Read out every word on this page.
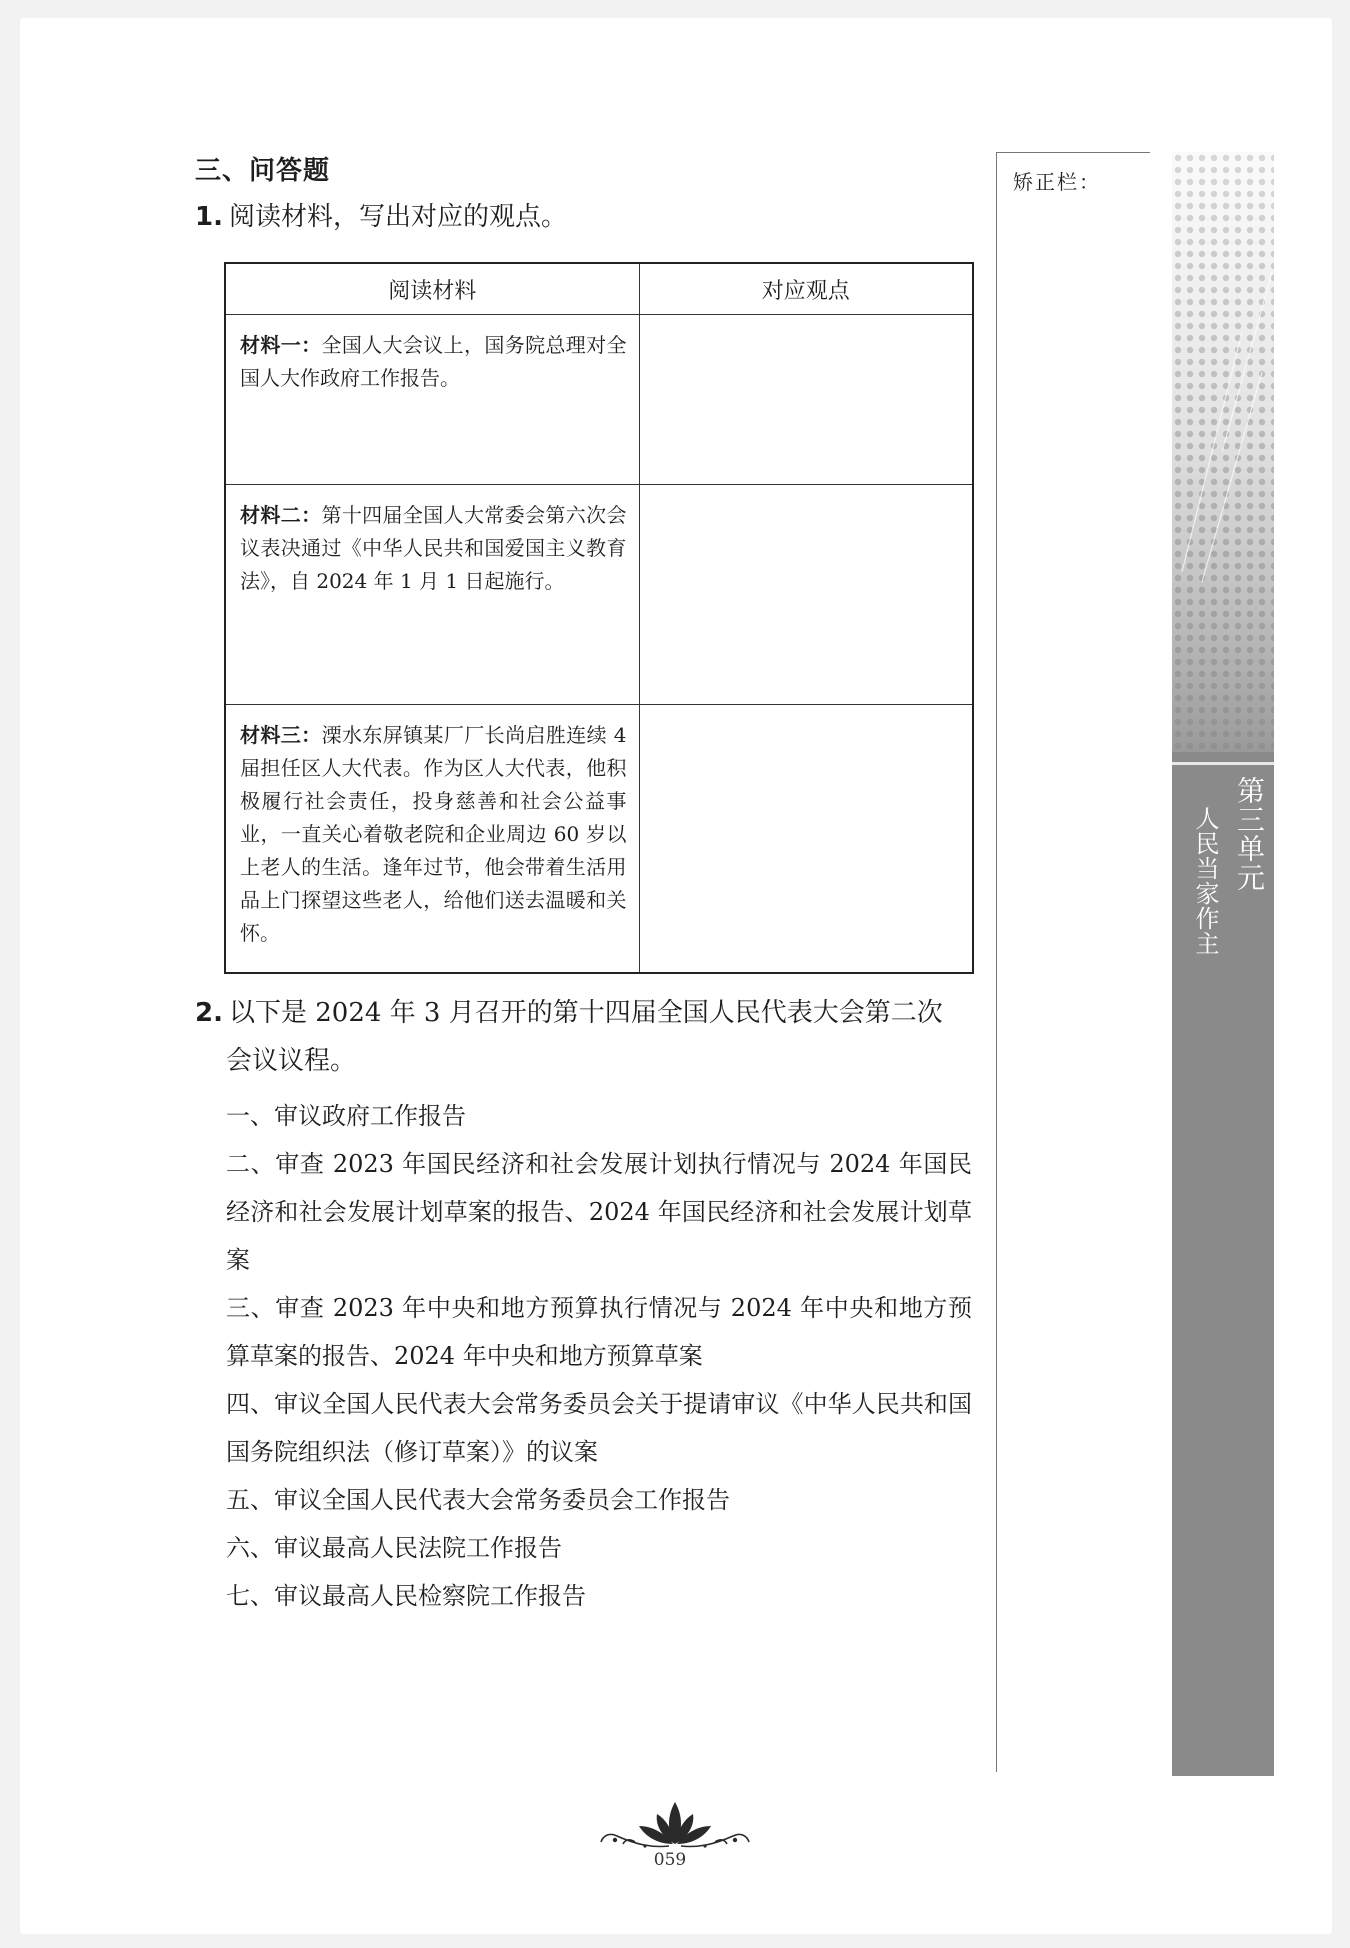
三、问答题
1. 阅读材料，写出对应的观点。
阅读材料	对应观点
材料一：全国人大会议上，国务院总理对全国人大作政府工作报告。	
材料二：第十四届全国人大常委会第六次会议表决通过《中华人民共和国爱国主义教育法》，自 2024 年 1 月 1 日起施行。	
材料三：溧水东屏镇某厂厂长尚启胜连续 4 届担任区人大代表。作为区人大代表，他积极履行社会责任，投身慈善和社会公益事业，一直关心着敬老院和企业周边 60 岁以上老人的生活。逢年过节，他会带着生活用品上门探望这些老人，给他们送去温暖和关怀。	
2. 以下是 2024 年 3 月召开的第十四届全国人民代表大会第二次
会议议程。

一、审议政府工作报告

二、审查 2023 年国民经济和社会发展计划执行情况与 2024 年国民经济和社会发展计划草案的报告、2024 年国民经济和社会发展计划草案

三、审查 2023 年中央和地方预算执行情况与 2024 年中央和地方预算草案的报告、2024 年中央和地方预算草案

四、审议全国人民代表大会常务委员会关于提请审议《中华人民共和国国务院组织法（修订草案）》的议案

五、审议全国人民代表大会常务委员会工作报告

六、审议最高人民法院工作报告

七、审议最高人民检察院工作报告

矫正栏：
第三单元
人民当家作主
059
